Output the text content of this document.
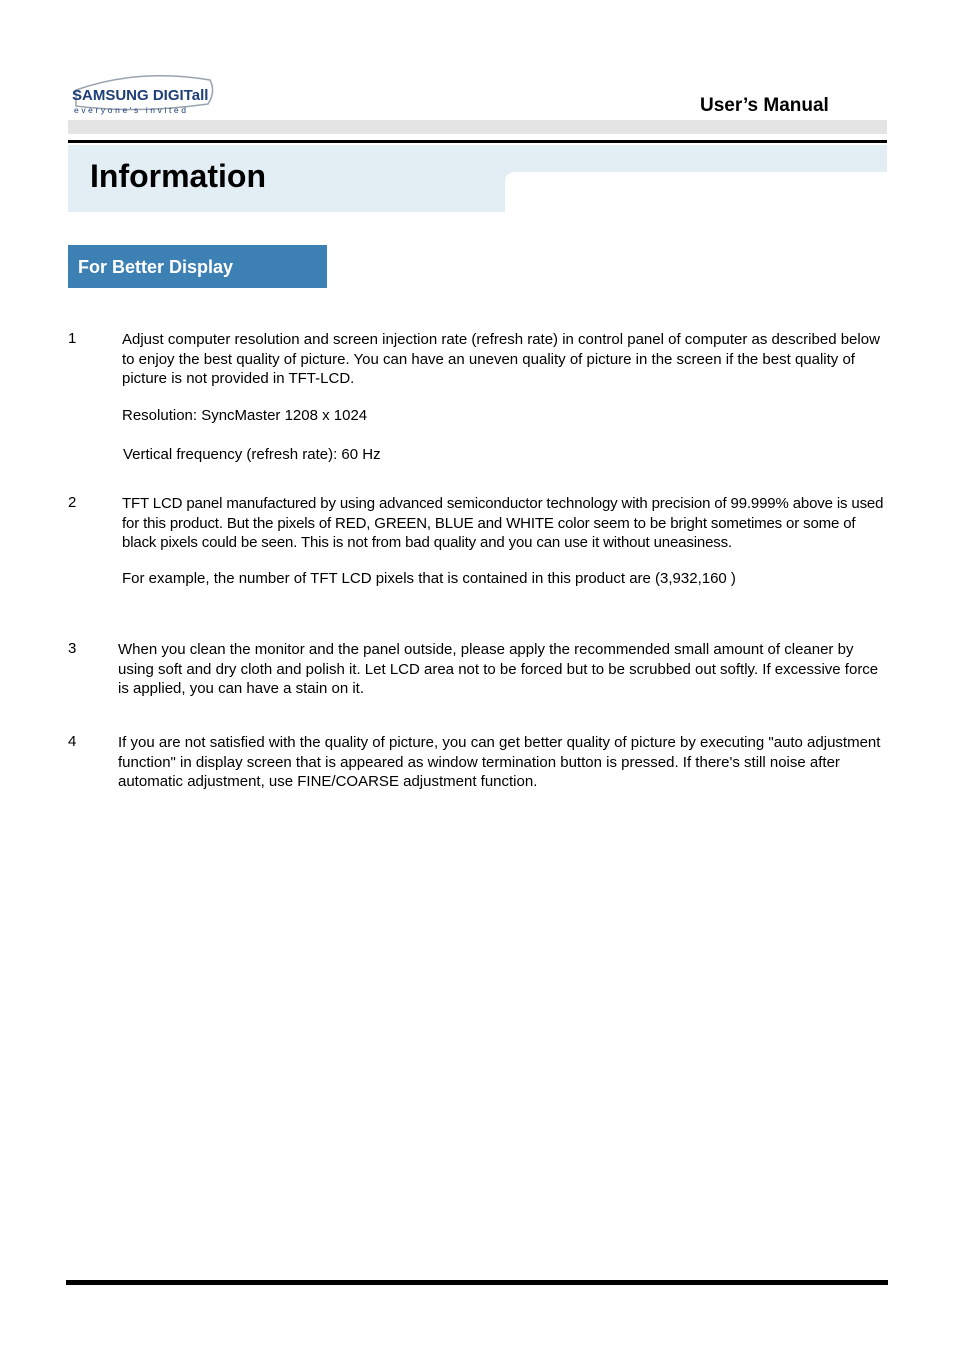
SAMSUNG DIGITall
everyone's invited	User’s Manual
Information
For Better Display
1	Adjust computer resolution and screen injection rate (refresh rate) in control panel of computer as described below to enjoy the best quality of picture. You can have an uneven quality of picture in the screen if the best quality of picture is not provided in TFT-LCD.
Resolution: SyncMaster 1208 x 1024
Vertical frequency (refresh rate): 60 Hz
2	TFT LCD panel manufactured by using advanced semiconductor technology with precision of 99.999% above is used for this product. But the pixels of RED, GREEN, BLUE and WHITE color seem to be bright sometimes or some of black pixels could be seen. This is not from bad quality and you can use it without uneasiness.
For example, the number of TFT LCD pixels that is contained in this product are (3,932,160 )
3	When you clean the monitor and the panel outside, please apply the recommended small amount of cleaner by using soft and dry cloth and polish it. Let LCD area not to be forced but to be scrubbed out softly. If excessive force is applied, you can have a stain on it.
4	If you are not satisfied with the quality of picture, you can get better quality of picture by executing "auto adjustment function" in display screen that is appeared as window termination button is pressed. If there's still noise after automatic adjustment, use FINE/COARSE adjustment function.
